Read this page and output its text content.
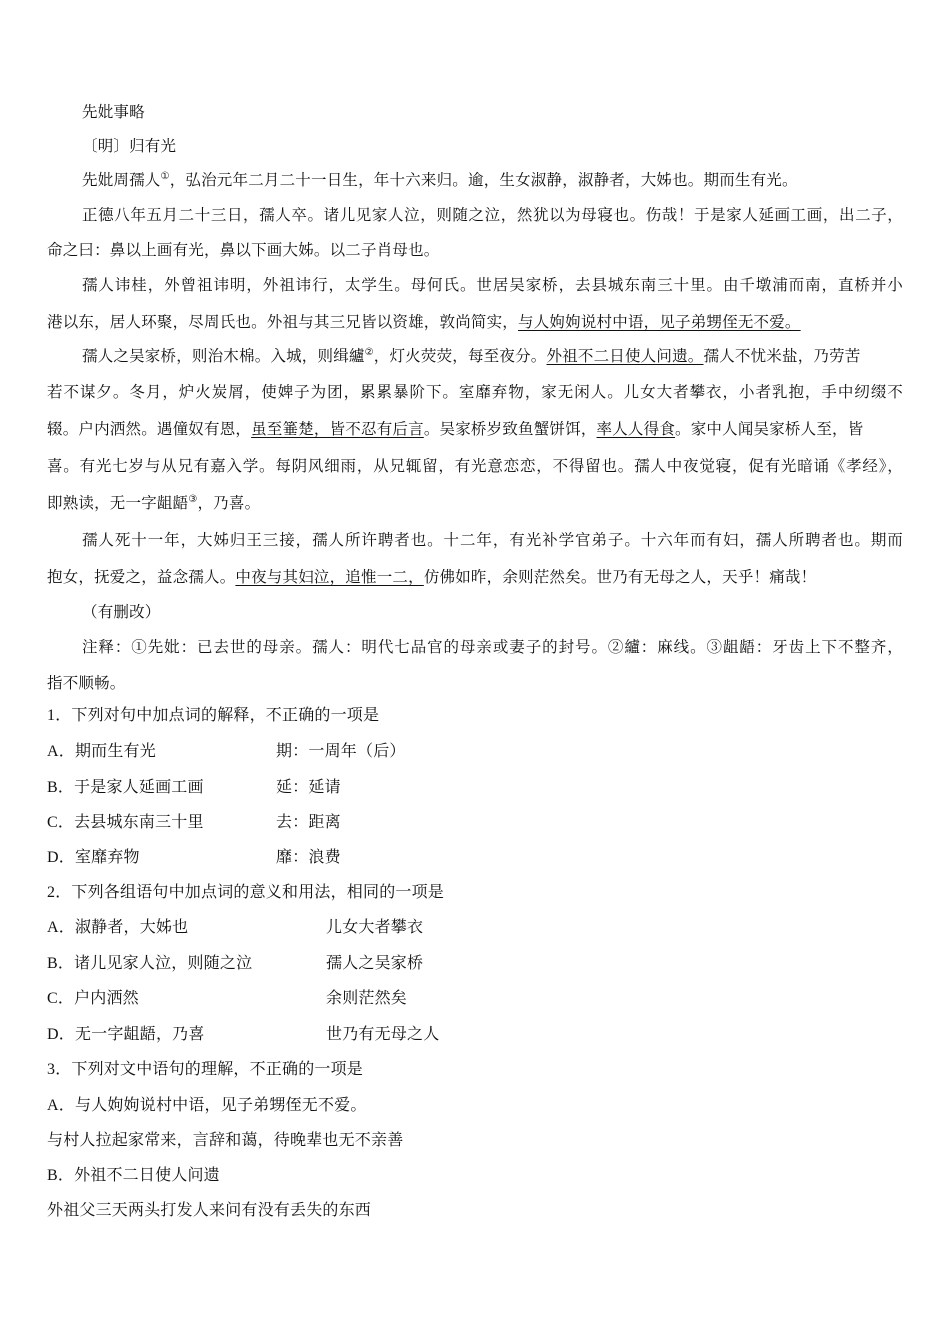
先妣事略
〔明〕归有光
先妣周孺人①，弘治元年二月二十一日生，年十六来归。逾，生女淑静，淑静者，大姊也。期而生有光。
正德八年五月二十三日，孺人卒。诸儿见家人泣，则随之泣，然犹以为母寝也。伤哉！于是家人延画工画，出二子，
命之曰：鼻以上画有光，鼻以下画大姊。以二子肖母也。
孺人讳桂，外曾祖讳明，外祖讳行，太学生。母何氏。世居吴家桥，去县城东南三十里。由千墩浦而南，直桥并小
港以东，居人环聚，尽周氏也。外祖与其三兄皆以资雄，敦尚简实，与人姁姁说村中语，见子弟甥侄无不爱。
孺人之吴家桥，则治木棉。入城，则缉纑②，灯火荧荧，每至夜分。外祖不二日使人问遗。孺人不忧米盐，乃劳苦
若不谋夕。冬月，炉火炭屑，使婢子为团，累累暴阶下。室靡弃物，家无闲人。儿女大者攀衣，小者乳抱，手中纫缀不
辍。户内洒然。遇僮奴有恩，虽至箠楚，皆不忍有后言。吴家桥岁致鱼蟹饼饵，率人人得食。家中人闻吴家桥人至，皆
喜。有光七岁与从兄有嘉入学。每阴风细雨，从兄辄留，有光意恋恋，不得留也。孺人中夜觉寝，促有光暗诵《孝经》，
即熟读，无一字龃龉③，乃喜。
孺人死十一年，大姊归王三接，孺人所许聘者也。十二年，有光补学官弟子。十六年而有妇，孺人所聘者也。期而
抱女，抚爱之，益念孺人。中夜与其妇泣，追惟一二，仿佛如昨，余则茫然矣。世乃有无母之人，天乎！痛哉！
（有删改）
注释：①先妣：已去世的母亲。孺人：明代七品官的母亲或妻子的封号。②纑：麻线。③龃龉：牙齿上下不整齐，
指不顺畅。
1．下列对句中加点词的解释，不正确的一项是
A．期而生有光	期：一周年（后）
B．于是家人延画工画	延：延请
C．去县城东南三十里	去：距离
D．室靡弃物	靡：浪费
2．下列各组语句中加点词的意义和用法，相同的一项是
A．淑静者，大姊也	儿女大者攀衣
B．诸儿见家人泣，则随之泣	孺人之吴家桥
C．户内洒然	余则茫然矣
D．无一字龃龉，乃喜	世乃有无母之人
3．下列对文中语句的理解，不正确的一项是
A．与人姁姁说村中语，见子弟甥侄无不爱。
与村人拉起家常来，言辞和蔼，待晚辈也无不亲善
B．外祖不二日使人问遗
外祖父三天两头打发人来问有没有丢失的东西
